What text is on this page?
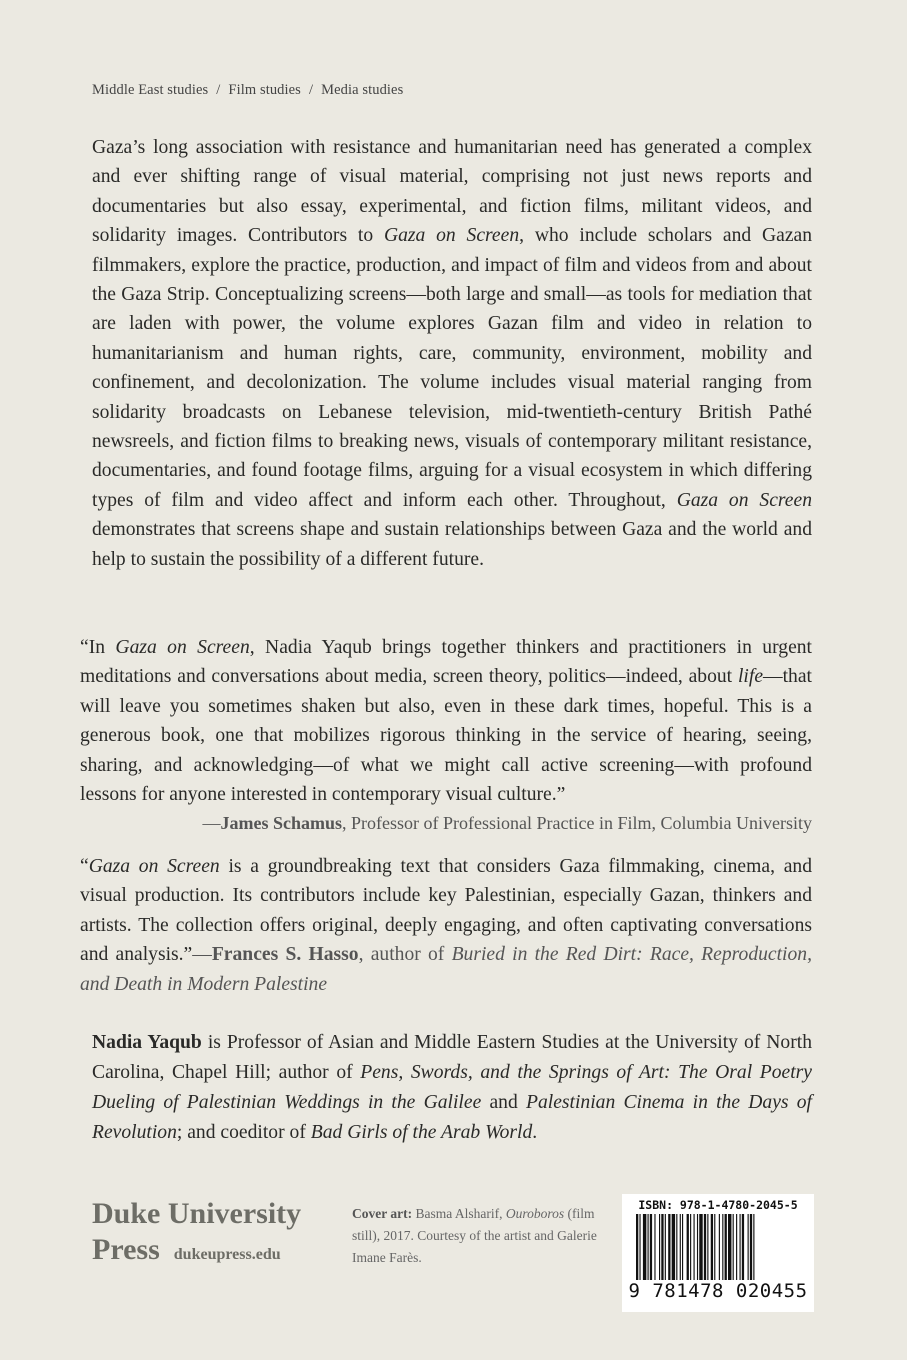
Middle East studies / Film studies / Media studies

Gaza’s long association with resistance and humanitarian need has generated a complex and ever shifting range of visual material, comprising not just news reports and documentaries but also essay, experimental, and fiction films, militant videos, and solidarity images. Contributors to Gaza on Screen, who include scholars and Gazan filmmakers, explore the practice, production, and impact of film and videos from and about the Gaza Strip. Conceptualizing screens—both large and small—as tools for mediation that are laden with power, the volume explores Gazan film and video in relation to humanitarianism and human rights, care, community, environment, mobility and confinement, and decolonization. The volume includes visual material ranging from solidarity broadcasts on Lebanese television, mid-twentieth-century British Pathé newsreels, and fiction films to breaking news, visuals of contemporary militant resistance, documentaries, and found footage films, arguing for a visual ecosystem in which differing types of film and video affect and inform each other. Throughout, Gaza on Screen demonstrates that screens shape and sustain relationships between Gaza and the world and help to sustain the possibility of a different future.

“In Gaza on Screen, Nadia Yaqub brings together thinkers and practitioners in urgent meditations and conversations about media, screen theory, politics—indeed, about life—that will leave you sometimes shaken but also, even in these dark times, hopeful. This is a generous book, one that mobilizes rigorous thinking in the service of hearing, seeing, sharing, and acknowledging—of what we might call active screening—with profound lessons for anyone interested in contemporary visual culture.”
—James Schamus, Professor of Professional Practice in Film, Columbia University

“Gaza on Screen is a groundbreaking text that considers Gaza filmmaking, cinema, and visual production. Its contributors include key Palestinian, especially Gazan, thinkers and artists. The collection offers original, deeply engaging, and often captivating conversations and analysis.”—Frances S. Hasso, author of Buried in the Red Dirt: Race, Reproduction, and Death in Modern Palestine

Nadia Yaqub is Professor of Asian and Middle Eastern Studies at the University of North Carolina, Chapel Hill; author of Pens, Swords, and the Springs of Art: The Oral Poetry Dueling of Palestinian Weddings in the Galilee and Palestinian Cinema in the Days of Revolution; and coeditor of Bad Girls of the Arab World.

Duke University
Press dukeupress.edu
Cover art: Basma Alsharif, Ouroboros (film still), 2017. Courtesy of the artist and Galerie Imane Farès.
ISBN: 978-1-4780-2045-5
9 781478 020455
